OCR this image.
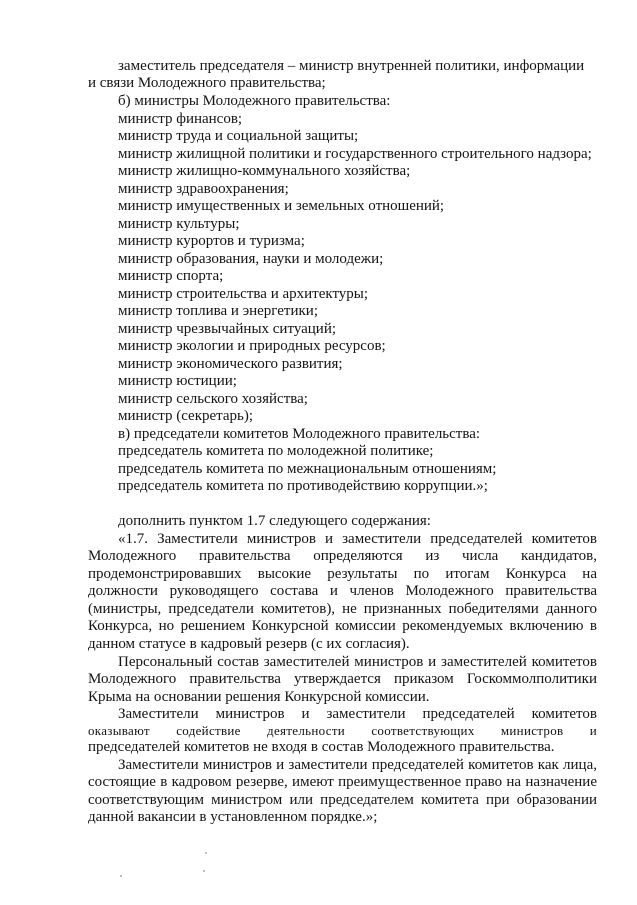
заместитель председателя – министр внутренней политики, информации
и связи Молодежного правительства;
б) министры Молодежного правительства:
министр финансов;
министр труда и социальной защиты;
министр жилищной политики и государственного строительного надзора;
министр жилищно-коммунального хозяйства;
министр здравоохранения;
министр имущественных и земельных отношений;
министр культуры;
министр курортов и туризма;
министр образования, науки и молодежи;
министр спорта;
министр строительства и архитектуры;
министр топлива и энергетики;
министр чрезвычайных ситуаций;
министр экологии и природных ресурсов;
министр экономического развития;
министр юстиции;
министр сельского хозяйства;
министр (секретарь);
в) председатели комитетов Молодежного правительства:
председатель комитета по молодежной политике;
председатель комитета по межнациональным отношениям;
председатель комитета по противодействию коррупции.»;
дополнить пунктом 1.7 следующего содержания:
«1.7. Заместители министров и заместители председателей комитетов
Молодежного правительства определяются из числа кандидатов,
продемонстрировавших высокие результаты по итогам Конкурса на
должности руководящего состава и членов Молодежного правительства
(министры, председатели комитетов), не признанных победителями данного
Конкурса, но решением Конкурсной комиссии рекомендуемых включению в
данном статусе в кадровый резерв (с их согласия).
Персональный состав заместителей министров и заместителей комитетов
Молодежного правительства утверждается приказом Госкоммолполитики
Крыма на основании решения Конкурсной комиссии.
Заместители министров и заместители председателей комитетов
оказывают содействие деятельности соответствующих министров и
председателей комитетов не входя в состав Молодежного правительства.
Заместители министров и заместители председателей комитетов как лица,
состоящие в кадровом резерве, имеют преимущественное право на назначение
соответствующим министром или председателем комитета при образовании
данной вакансии в установленном порядке.»;
